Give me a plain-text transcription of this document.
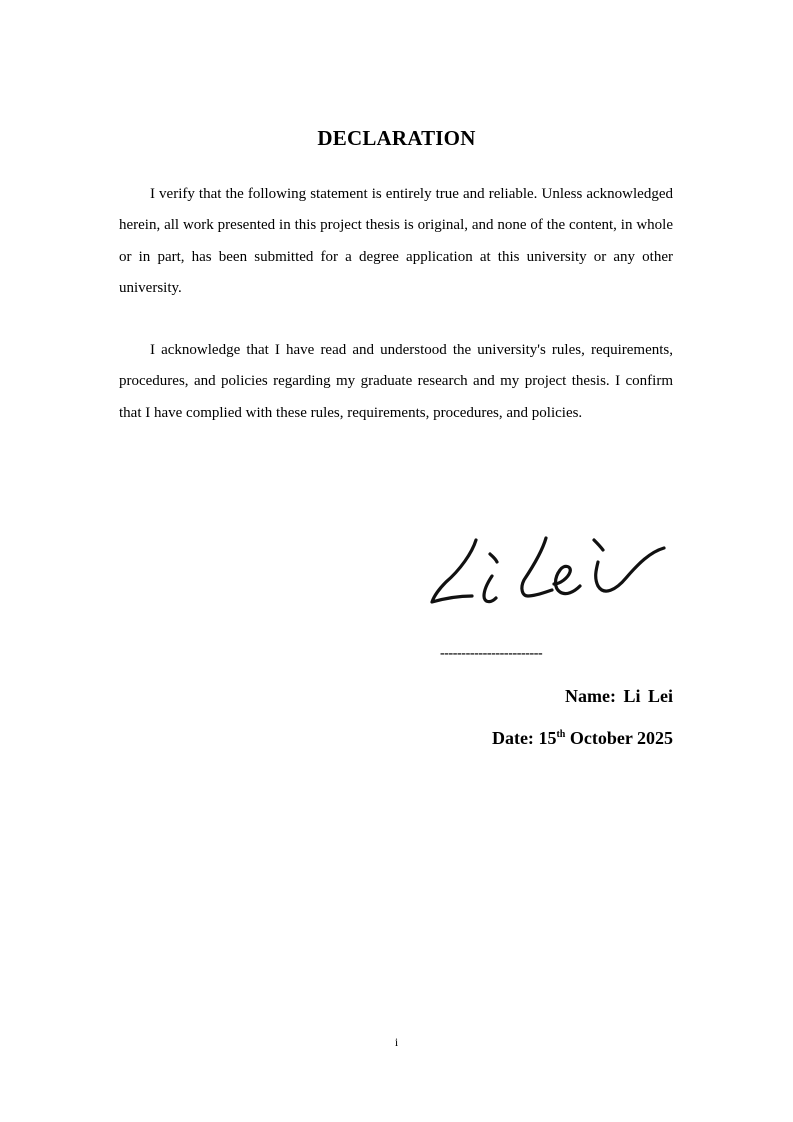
DECLARATION

I verify that the following statement is entirely true and reliable. Unless acknowledged herein, all work presented in this project thesis is original, and none of the content, in whole or in part, has been submitted for a degree application at this university or any other university.

I acknowledge that I have read and understood the university's rules, requirements, procedures, and policies regarding my graduate research and my project thesis. I confirm that I have complied with these rules, requirements, procedures, and policies.

------------------------
Name: Li Lei
Date: 15th October 2025
i
